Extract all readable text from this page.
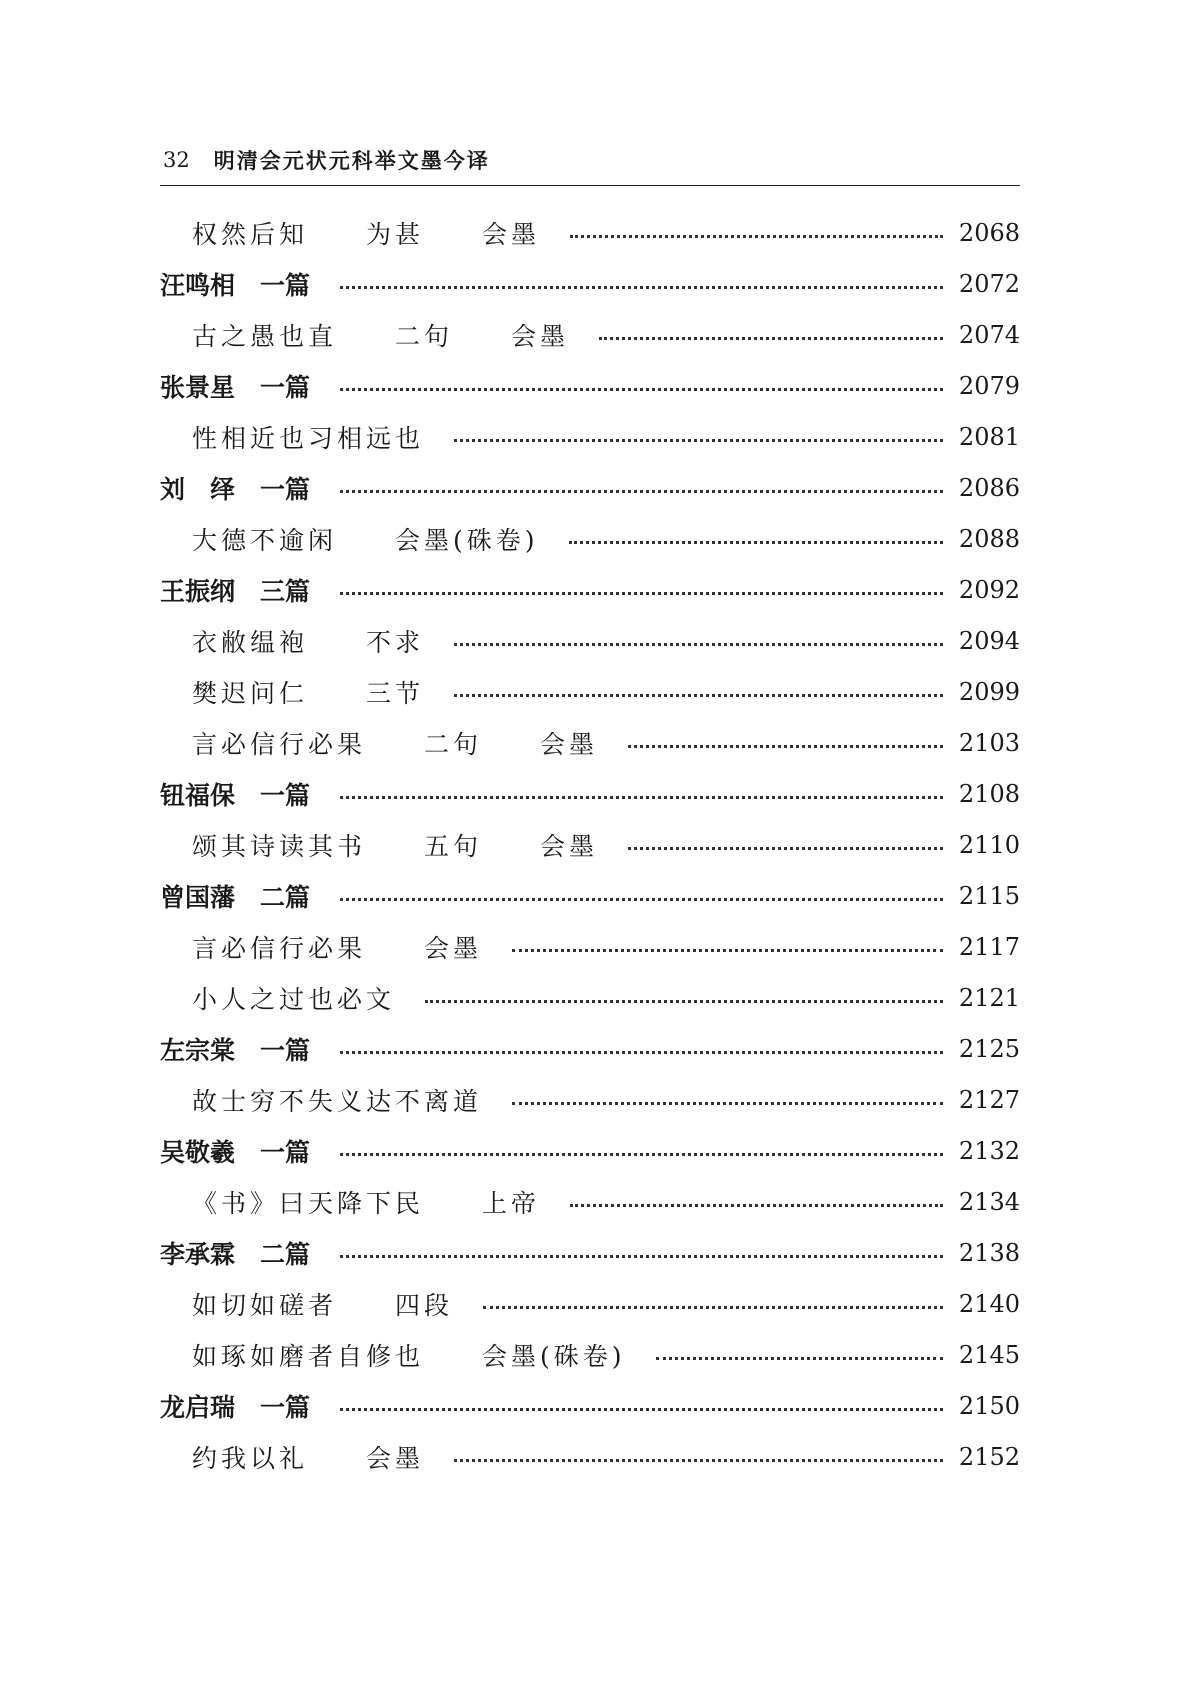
32 明清会元状元科举文墨今译
权然后知　　为甚　　会墨	2068
汪鸣相　一篇	2072
古之愚也直　　二句　　会墨	2074
张景星　一篇	2079
性相近也习相远也	2081
刘　绎　一篇	2086
大德不逾闲　　会墨(硃卷)	2088
王振纲　三篇	2092
衣敝缊袍　　不求	2094
樊迟问仁　　三节	2099
言必信行必果　　二句　　会墨	2103
钮福保　一篇	2108
颂其诗读其书　　五句　　会墨	2110
曾国藩　二篇	2115
言必信行必果　　会墨	2117
小人之过也必文	2121
左宗棠　一篇	2125
故士穷不失义达不离道	2127
吴敬羲　一篇	2132
《书》曰天降下民　　上帝	2134
李承霖　二篇	2138
如切如磋者　　四段	2140
如琢如磨者自修也　　会墨(硃卷)	2145
龙启瑞　一篇	2150
约我以礼　　会墨	2152
